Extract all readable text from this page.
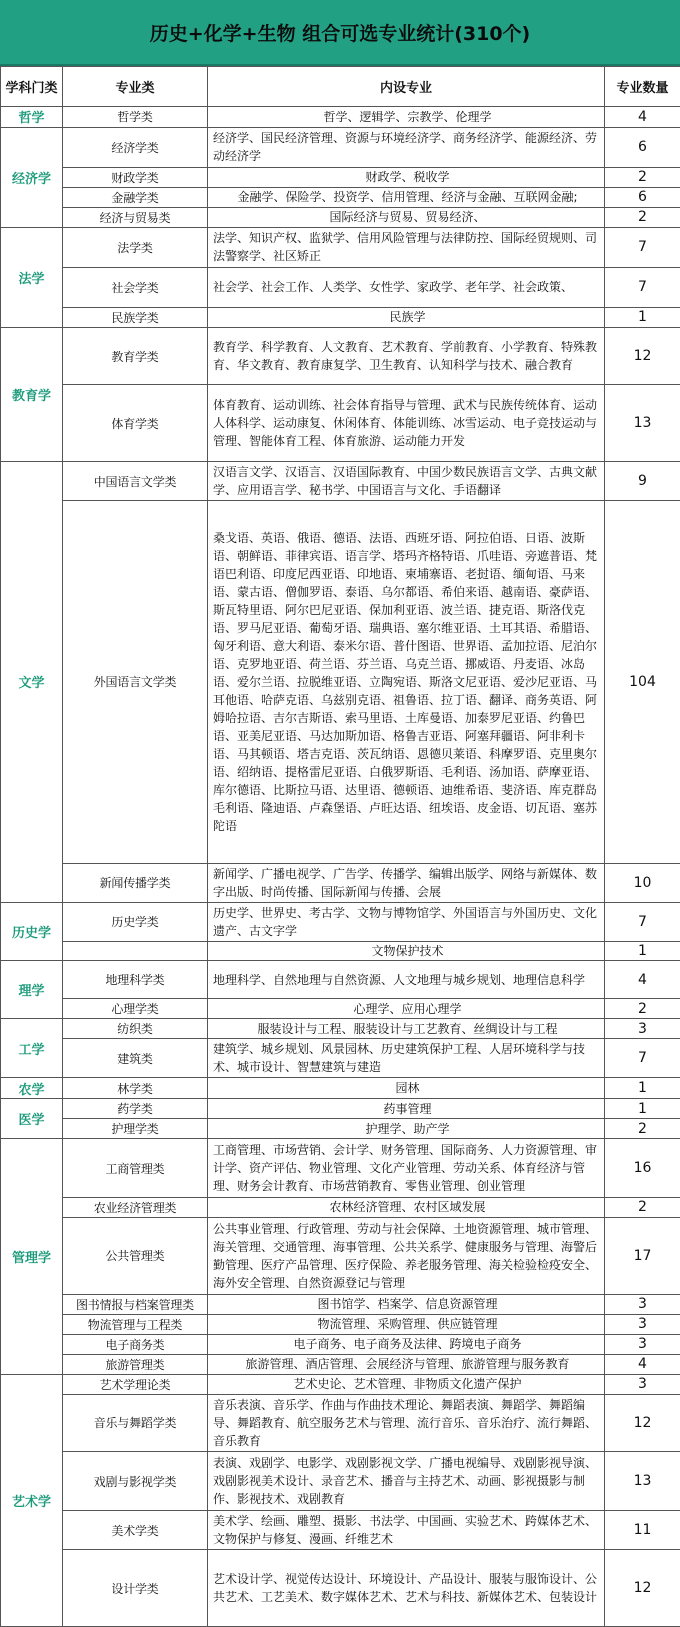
历史+化学+生物 组合可选专业统计(310个)
学科门类	专业类	内设专业	专业数量
哲学	哲学类	哲学、逻辑学、宗教学、伦理学	4
经济学	经济学类	经济学、国民经济管理、资源与环境经济学、商务经济学、能源经济、劳动经济学	6
	财政学类	财政学、税收学	2
	金融学类	金融学、保险学、投资学、信用管理、经济与金融、互联网金融;	6
	经济与贸易类	国际经济与贸易、贸易经济、	2
法学	法学类	法学、知识产权、监狱学、信用风险管理与法律防控、国际经贸规则、司法警察学、社区矫正	7
	社会学类	社会学、社会工作、人类学、女性学、家政学、老年学、社会政策、	7
	民族学类	民族学	1
教育学	教育学类	教育学、科学教育、人文教育、艺术教育、学前教育、小学教育、特殊教育、华文教育、教育康复学、卫生教育、认知科学与技术、融合教育	12
	体育学类	体育教育、运动训练、社会体育指导与管理、武术与民族传统体育、运动人体科学、运动康复、休闲体育、体能训练、冰雪运动、电子竞技运动与管理、智能体育工程、体育旅游、运动能力开发	13
文学	中国语言文学类	汉语言文学、汉语言、汉语国际教育、中国少数民族语言文学、古典文献学、应用语言学、秘书学、中国语言与文化、手语翻译	9
	外国语言文学类	桑戈语、英语、俄语、德语、法语、西班牙语、阿拉伯语、日语、波斯语、朝鲜语、菲律宾语、语言学、塔玛齐格特语、爪哇语、旁遮普语、梵语巴利语、印度尼西亚语、印地语、柬埔寨语、老挝语、缅甸语、马来语、蒙古语、僧伽罗语、泰语、乌尔都语、希伯来语、越南语、豪萨语、斯瓦特里语、阿尔巴尼亚语、保加利亚语、波兰语、捷克语、斯洛伐克语、罗马尼亚语、葡萄牙语、瑞典语、塞尔维亚语、土耳其语、希腊语、匈牙利语、意大利语、泰米尔语、普什图语、世界语、孟加拉语、尼泊尔语、克罗地亚语、荷兰语、芬兰语、乌克兰语、挪威语、丹麦语、冰岛语、爱尔兰语、拉脱维亚语、立陶宛语、斯洛文尼亚语、爱沙尼亚语、马耳他语、哈萨克语、乌兹别克语、祖鲁语、拉丁语、翻译、商务英语、阿姆哈拉语、吉尔吉斯语、索马里语、土库曼语、加泰罗尼亚语、约鲁巴语、亚美尼亚语、马达加斯加语、格鲁吉亚语、阿塞拜疆语、阿非利卡语、马其顿语、塔吉克语、茨瓦纳语、恩德贝莱语、科摩罗语、克里奥尔语、绍纳语、提格雷尼亚语、白俄罗斯语、毛利语、汤加语、萨摩亚语、库尔德语、比斯拉马语、达里语、德顿语、迪维希语、斐济语、库克群岛毛利语、隆迪语、卢森堡语、卢旺达语、纽埃语、皮金语、切瓦语、塞苏陀语	104
	新闻传播学类	新闻学、广播电视学、广告学、传播学、编辑出版学、网络与新媒体、数字出版、时尚传播、国际新闻与传播、会展	10
历史学	历史学类	历史学、世界史、考古学、文物与博物馆学、外国语言与外国历史、文化遗产、古文字学	7
		文物保护技术	1
理学	地理科学类	地理科学、自然地理与自然资源、人文地理与城乡规划、地理信息科学	4
	心理学类	心理学、应用心理学	2
工学	纺织类	服装设计与工程、服装设计与工艺教育、丝绸设计与工程	3
	建筑类	建筑学、城乡规划、风景园林、历史建筑保护工程、人居环境科学与技术、城市设计、智慧建筑与建造	7
农学	林学类	园林	1
医学	药学类	药事管理	1
	护理学类	护理学、助产学	2
管理学	工商管理类	工商管理、市场营销、会计学、财务管理、国际商务、人力资源管理、审计学、资产评估、物业管理、文化产业管理、劳动关系、体育经济与管理、财务会计教育、市场营销教育、零售业管理、创业管理	16
	农业经济管理类	农林经济管理、农村区域发展	2
	公共管理类	公共事业管理、行政管理、劳动与社会保障、土地资源管理、城市管理、海关管理、交通管理、海事管理、公共关系学、健康服务与管理、海警后勤管理、医疗产品管理、医疗保险、养老服务管理、海关检验检疫安全、海外安全管理、自然资源登记与管理	17
	图书情报与档案管理类	图书馆学、档案学、信息资源管理	3
	物流管理与工程类	物流管理、采购管理、供应链管理	3
	电子商务类	电子商务、电子商务及法律、跨境电子商务	3
	旅游管理类	旅游管理、酒店管理、会展经济与管理、旅游管理与服务教育	4
艺术学	艺术学理论类	艺术史论、艺术管理、非物质文化遗产保护	3
	音乐与舞蹈学类	音乐表演、音乐学、作曲与作曲技术理论、舞蹈表演、舞蹈学、舞蹈编导、舞蹈教育、航空服务艺术与管理、流行音乐、音乐治疗、流行舞蹈、音乐教育	12
	戏剧与影视学类	表演、戏剧学、电影学、戏剧影视文学、广播电视编导、戏剧影视导演、戏剧影视美术设计、录音艺术、播音与主持艺术、动画、影视摄影与制作、影视技术、戏剧教育	13
	美术学类	美术学、绘画、雕塑、摄影、书法学、中国画、实验艺术、跨媒体艺术、文物保护与修复、漫画、纤维艺术	11
	设计学类	艺术设计学、视觉传达设计、环境设计、产品设计、服装与服饰设计、公共艺术、工艺美术、数字媒体艺术、艺术与科技、新媒体艺术、包装设计	12
